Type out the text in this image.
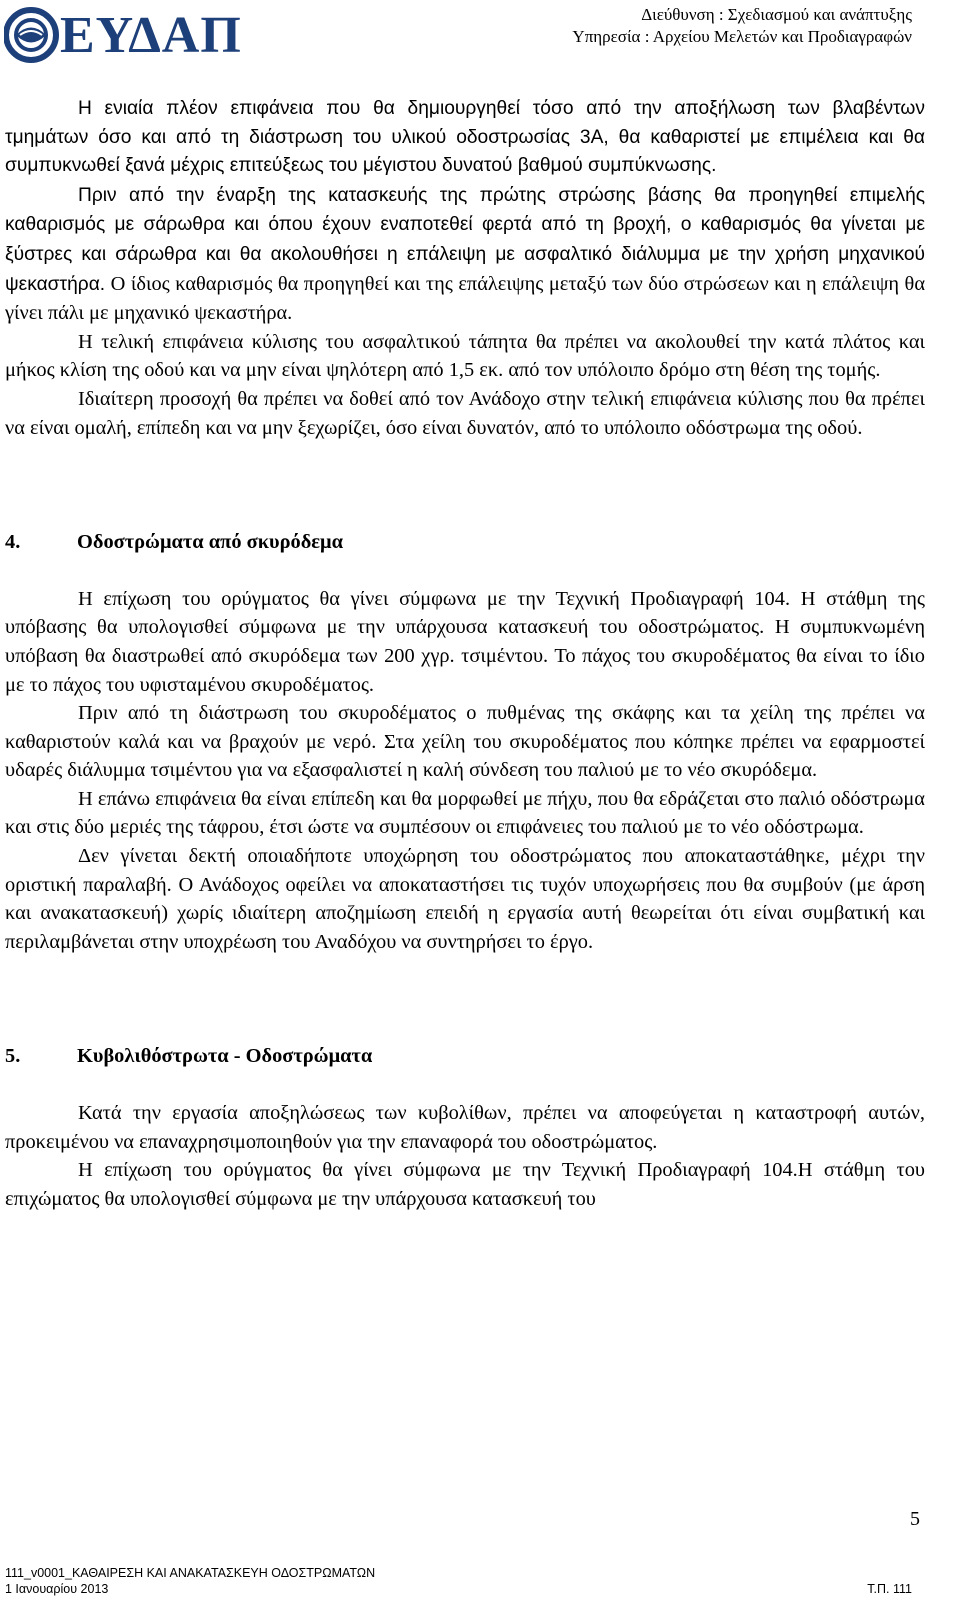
ΕΥΔΑΠ	Διεύθυνση : Σχεδιασμού και ανάπτυξης
Υπηρεσία : Αρχείου Μελετών και Προδιαγραφών

Η ενιαία πλέον επιφάνεια που θα δημιουργηθεί τόσο από την αποξήλωση των βλαβέντων τμημάτων όσο και από τη διάστρωση του υλικού οδοστρωσίας 3Α, θα καθαριστεί με επιμέλεια και θα συμπυκνωθεί ξανά μέχρις επιτεύξεως του μέγιστου δυνατού βαθμού συμπύκνωσης.

Πριν από την έναρξη της κατασκευής της πρώτης στρώσης βάσης θα προηγηθεί επιμελής καθαρισμός με σάρωθρα και όπου έχουν εναποτεθεί φερτά από τη βροχή, ο καθαρισμός θα γίνεται με ξύστρες και σάρωθρα και θα ακολουθήσει η επάλειψη με ασφαλτικό διάλυμμα με την χρήση μηχανικού ψεκαστήρα. Ο ίδιος καθαρισμός θα προηγηθεί και της επάλειψης μεταξύ των δύο στρώσεων και η επάλειψη θα γίνει πάλι με μηχανικό ψεκαστήρα.

Η τελική επιφάνεια κύλισης του ασφαλτικού τάπητα θα πρέπει να ακολουθεί την κατά πλάτος και μήκος κλίση της οδού και να μην είναι ψηλότερη από 1,5 εκ. από τον υπόλοιπο δρόμο στη θέση της τομής.

Ιδιαίτερη προσοχή θα πρέπει να δοθεί από τον Ανάδοχο στην τελική επιφάνεια κύλισης που θα πρέπει να είναι ομαλή, επίπεδη και να μην ξεχωρίζει, όσο είναι δυνατόν, από το υπόλοιπο οδόστρωμα της οδού.

4.	Οδοστρώματα από σκυρόδεμα

Η επίχωση του ορύγματος θα γίνει σύμφωνα με την Τεχνική Προδιαγραφή 104. Η στάθμη της υπόβασης θα υπολογισθεί σύμφωνα με την υπάρχουσα κατασκευή του οδοστρώματος. Η συμπυκνωμένη υπόβαση θα διαστρωθεί από σκυρόδεμα των 200 χγρ. τσιμέντου. Το πάχος του σκυροδέματος θα είναι το ίδιο με το πάχος του υφισταμένου σκυροδέματος.

Πριν από τη διάστρωση του σκυροδέματος ο πυθμένας της σκάφης και τα χείλη της πρέπει να καθαριστούν καλά και να βραχούν με νερό. Στα χείλη του σκυροδέματος που κόπηκε πρέπει να εφαρμοστεί υδαρές διάλυμμα τσιμέντου για να εξασφαλιστεί η καλή σύνδεση του παλιού με το νέο σκυρόδεμα.

Η επάνω επιφάνεια θα είναι επίπεδη και θα μορφωθεί με πήχυ, που θα εδράζεται στο παλιό οδόστρωμα και στις δύο μεριές της τάφρου, έτσι ώστε να συμπέσουν οι επιφάνειες του παλιού με το νέο οδόστρωμα.

Δεν γίνεται δεκτή οποιαδήποτε υποχώρηση του οδοστρώματος που αποκαταστάθηκε, μέχρι την οριστική παραλαβή. Ο Ανάδοχος οφείλει να αποκαταστήσει τις τυχόν υποχωρήσεις που θα συμβούν (με άρση και ανακατασκευή) χωρίς ιδιαίτερη αποζημίωση επειδή η εργασία αυτή θεωρείται ότι είναι συμβατική και περιλαμβάνεται στην υποχρέωση του Αναδόχου να συντηρήσει το έργο.

5.	Κυβολιθόστρωτα - Οδοστρώματα

Κατά την εργασία αποξηλώσεως των κυβολίθων, πρέπει να αποφεύγεται η καταστροφή αυτών, προκειμένου να επαναχρησιμοποιηθούν για την επαναφορά του οδοστρώματος.

Η επίχωση του ορύγματος θα γίνει σύμφωνα με την Τεχνική Προδιαγραφή 104.Η στάθμη του επιχώματος θα υπολογισθεί σύμφωνα με την υπάρχουσα κατασκευή του

5
111_v0001_ΚΑΘΑΙΡΕΣΗ ΚΑΙ ΑΝΑΚΑΤΑΣΚΕΥΗ ΟΔΟΣΤΡΩΜΑΤΩΝ
1 Ιανουαρίου 2013	Τ.Π. 111
